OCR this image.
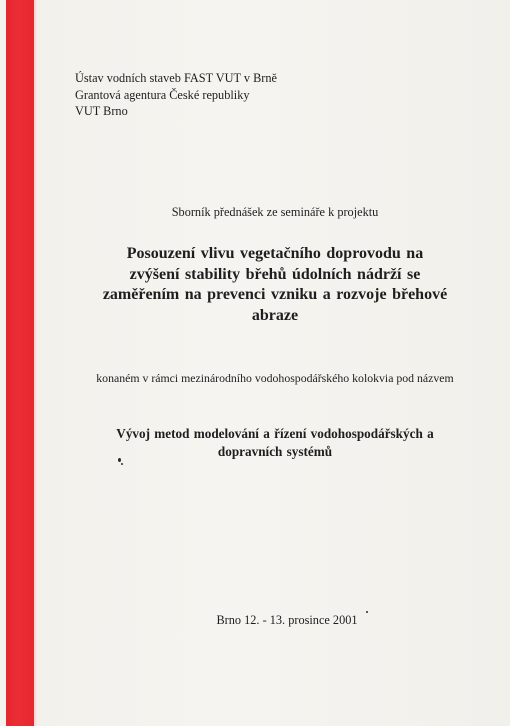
Ústav vodních staveb FAST VUT v Brně
Grantová agentura České republiky
VUT Brno
Sborník přednášek ze semináře k projektu
Posouzení vlivu vegetačního doprovodu na
zvýšení stability břehů údolních nádrží se
zaměřením na prevenci vzniku a rozvoje břehové
abraze
konaném v rámci mezinárodního vodohospodářského kolokvia pod názvem
Vývoj metod modelování a řízení vodohospodářských a
dopravních systémů
Brno 12. - 13. prosince 2001
